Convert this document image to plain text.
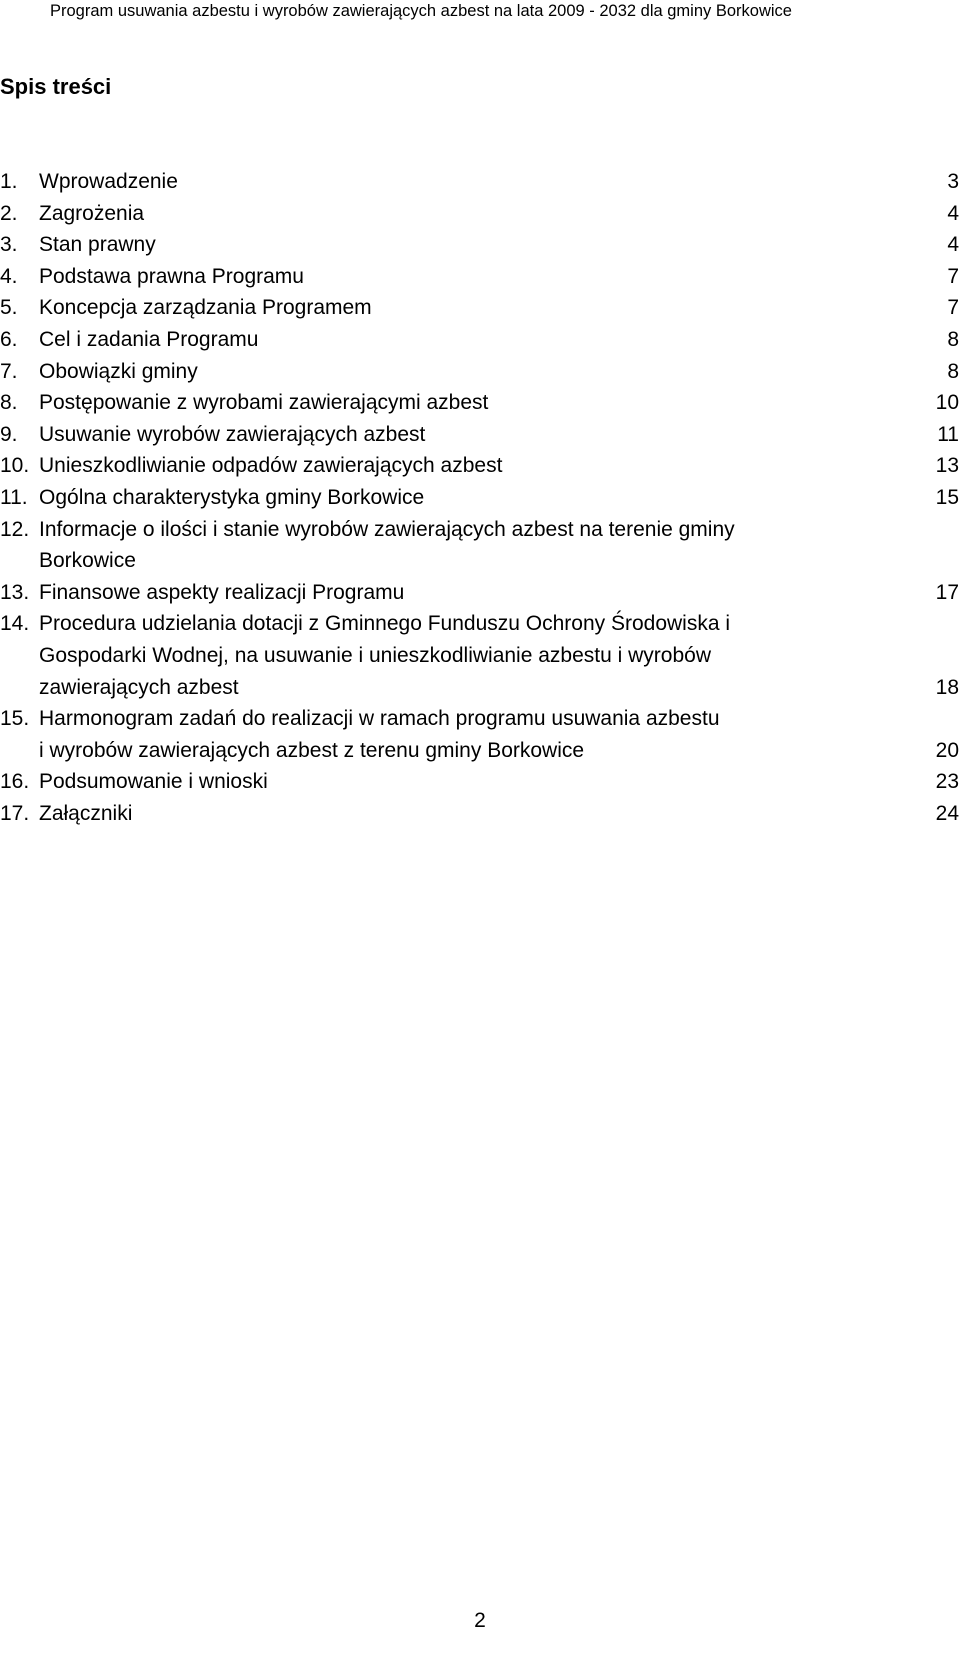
Program usuwania azbestu i wyrobów zawierających azbest na lata 2009 - 2032 dla gminy Borkowice
Spis treści
1. Wprowadzenie	3
2. Zagrożenia	4
3. Stan prawny	4
4. Podstawa prawna Programu	7
5. Koncepcja zarządzania Programem	7
6. Cel i zadania Programu	8
7. Obowiązki gminy	8
8. Postępowanie z wyrobami zawierającymi azbest	10
9. Usuwanie wyrobów zawierających azbest	11
10. Unieszkodliwianie odpadów zawierających azbest	13
11. Ogólna charakterystyka gminy Borkowice	15
12. Informacje o ilości i stanie wyrobów zawierających azbest na terenie gminy
Borkowice
13. Finansowe aspekty realizacji Programu	17
14. Procedura udzielania dotacji z Gminnego Funduszu Ochrony Środowiska i
Gospodarki Wodnej, na usuwanie i unieszkodliwianie azbestu i wyrobów
zawierających azbest	18
15. Harmonogram zadań do realizacji w ramach programu usuwania azbestu
i wyrobów zawierających azbest z terenu gminy Borkowice	20
16. Podsumowanie i wnioski	23
17. Załączniki	24
2
